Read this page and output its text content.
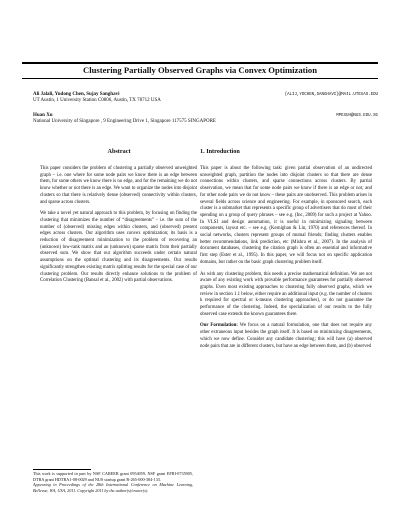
Clustering Partially Observed Graphs via Convex Optimization
Ali Jalali, Yudong Chen, Sujay Sanghavi	{ALIJ,YDCHEN,SANGHAVI}@MAIL.UTEXAS.EDU
UT Austin, 1 University Station C0806, Austin, TX 78712 USA
Huan Xu	MPEXUH@NUS.EDU.SG
National University of Singapore , 9 Engineering Drive 1, Singapore 117575 SINGAPORE
Abstract

This paper considers the problem of clustering a partially observed unweighted graph – i.e. one where for some node pairs we know there is an edge between them, for some others we know there is no edge, and for the remaining we do not know whether or not there is an edge. We want to organize the nodes into disjoint clusters so that there is relatively dense (observed) connectivity within clusters, and sparse across clusters.

We take a novel yet natural approach to this problem, by focusing on finding the clustering that minimizes the number of “disagreements” - i.e. the sum of the number of (observed) missing edges within clusters, and (observed) present edges across clusters. Our algorithm uses convex optimization; its basis is a reduction of disagreement minimization to the problem of recovering an (unknown) low-rank matrix and an (unknown) sparse matrix from their partially observed sum. We show that our algorithm succeeds under certain natural assumptions on the optimal clustering and its disagreements. Our results significantly strengthen existing matrix splitting results for the special case of our clustering problem. Our results directly enhance solutions to the problem of Correlation Clustering (Bansal et al., 2002) with partial observations.

1. Introduction

This paper is about the following task: given partial observation of an undirected unweighted graph, partition the nodes into disjoint clusters so that there are dense connections within clusters, and sparse connections across clusters. By partial observation, we mean that for some node pairs we know if there is an edge or not, and for other node pairs we do not know – these pairs are unobserved. This problem arises in several fields across science and engineering. For example, in sponsored search, each cluster is a submarket that represents a specific group of advertisers that do most of their spending on a group of query phrases – see e.g. (Inc, 2009) for such a project at Yahoo. In VLSI and design automation, it is useful in minimizing signaling between components, layout etc. – see e.g. (Kernighan & Lin, 1970) and references thereof. In social networks, clusters represent groups of mutual friends; finding clusters enables better recommendations, link prediction, etc (Mishra et al., 2007). In the analysis of document databases, clustering the citation graph is often an essential and informative first step (Ester et al., 1995). In this paper, we will focus not on specific application domains, but rather on the basic graph clustering problem itself.

As with any clustering problem, this needs a precise mathematical definition. We are not aware of any existing work with provable performance guarantees for partially observed graphs. Even most existing approaches to clustering fully observed graphs, which we review in section 1.1 below, either require an additional input (e.g. the number of clusters k required for spectral or k-means clustering approaches), or do not guarantee the performance of the clustering. Indeed, the specialization of our results to the fully observed case extends the known guarantees there.

Our Formulation: We focus on a natural formulation, one that does not require any other extraneous input besides the graph itself. It is based on minimizing disagreements, which we now define. Consider any candidate clustering; this will have (a) observed node pairs that are in different clusters, but have an edge between them, and (b) observed

This work is supported in part by NSF CAREER grant 0954059, NSF grant EFRI-0735905, DTRA grant HDTRA1-08-0029 and NUS startup grant R-265-000-384-133.
Appearing in Proceedings of the 28th International Conference on Machine Learning, Bellevue, WA, USA, 2011. Copyright 2011 by the author(s)/owner(s).
